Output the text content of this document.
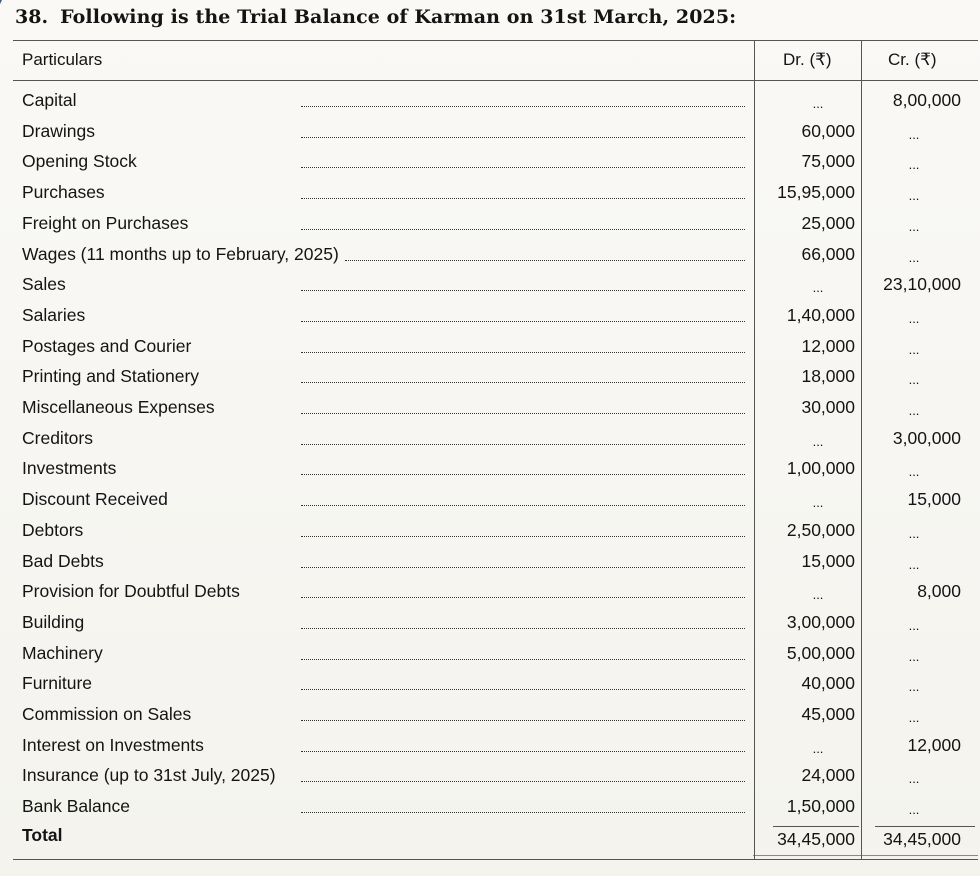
38. Following is the Trial Balance of Karman on 31st March, 2025:
Particulars	Dr. (₹)	Cr. (₹)
Capital	...	8,00,000
Drawings	60,000	...
Opening Stock	75,000	...
Purchases	15,95,000	...
Freight on Purchases	25,000	...
Wages (11 months up to February, 2025)	66,000	...
Sales	...	23,10,000
Salaries	1,40,000	...
Postages and Courier	12,000	...
Printing and Stationery	18,000	...
Miscellaneous Expenses	30,000	...
Creditors	...	3,00,000
Investments	1,00,000	...
Discount Received	...	15,000
Debtors	2,50,000	...
Bad Debts	15,000	...
Provision for Doubtful Debts	...	8,000
Building	3,00,000	...
Machinery	5,00,000	...
Furniture	40,000	...
Commission on Sales	45,000	...
Interest on Investments	...	12,000
Insurance (up to 31st July, 2025)	24,000	...
Bank Balance	1,50,000	...
Total	34,45,000	34,45,000
